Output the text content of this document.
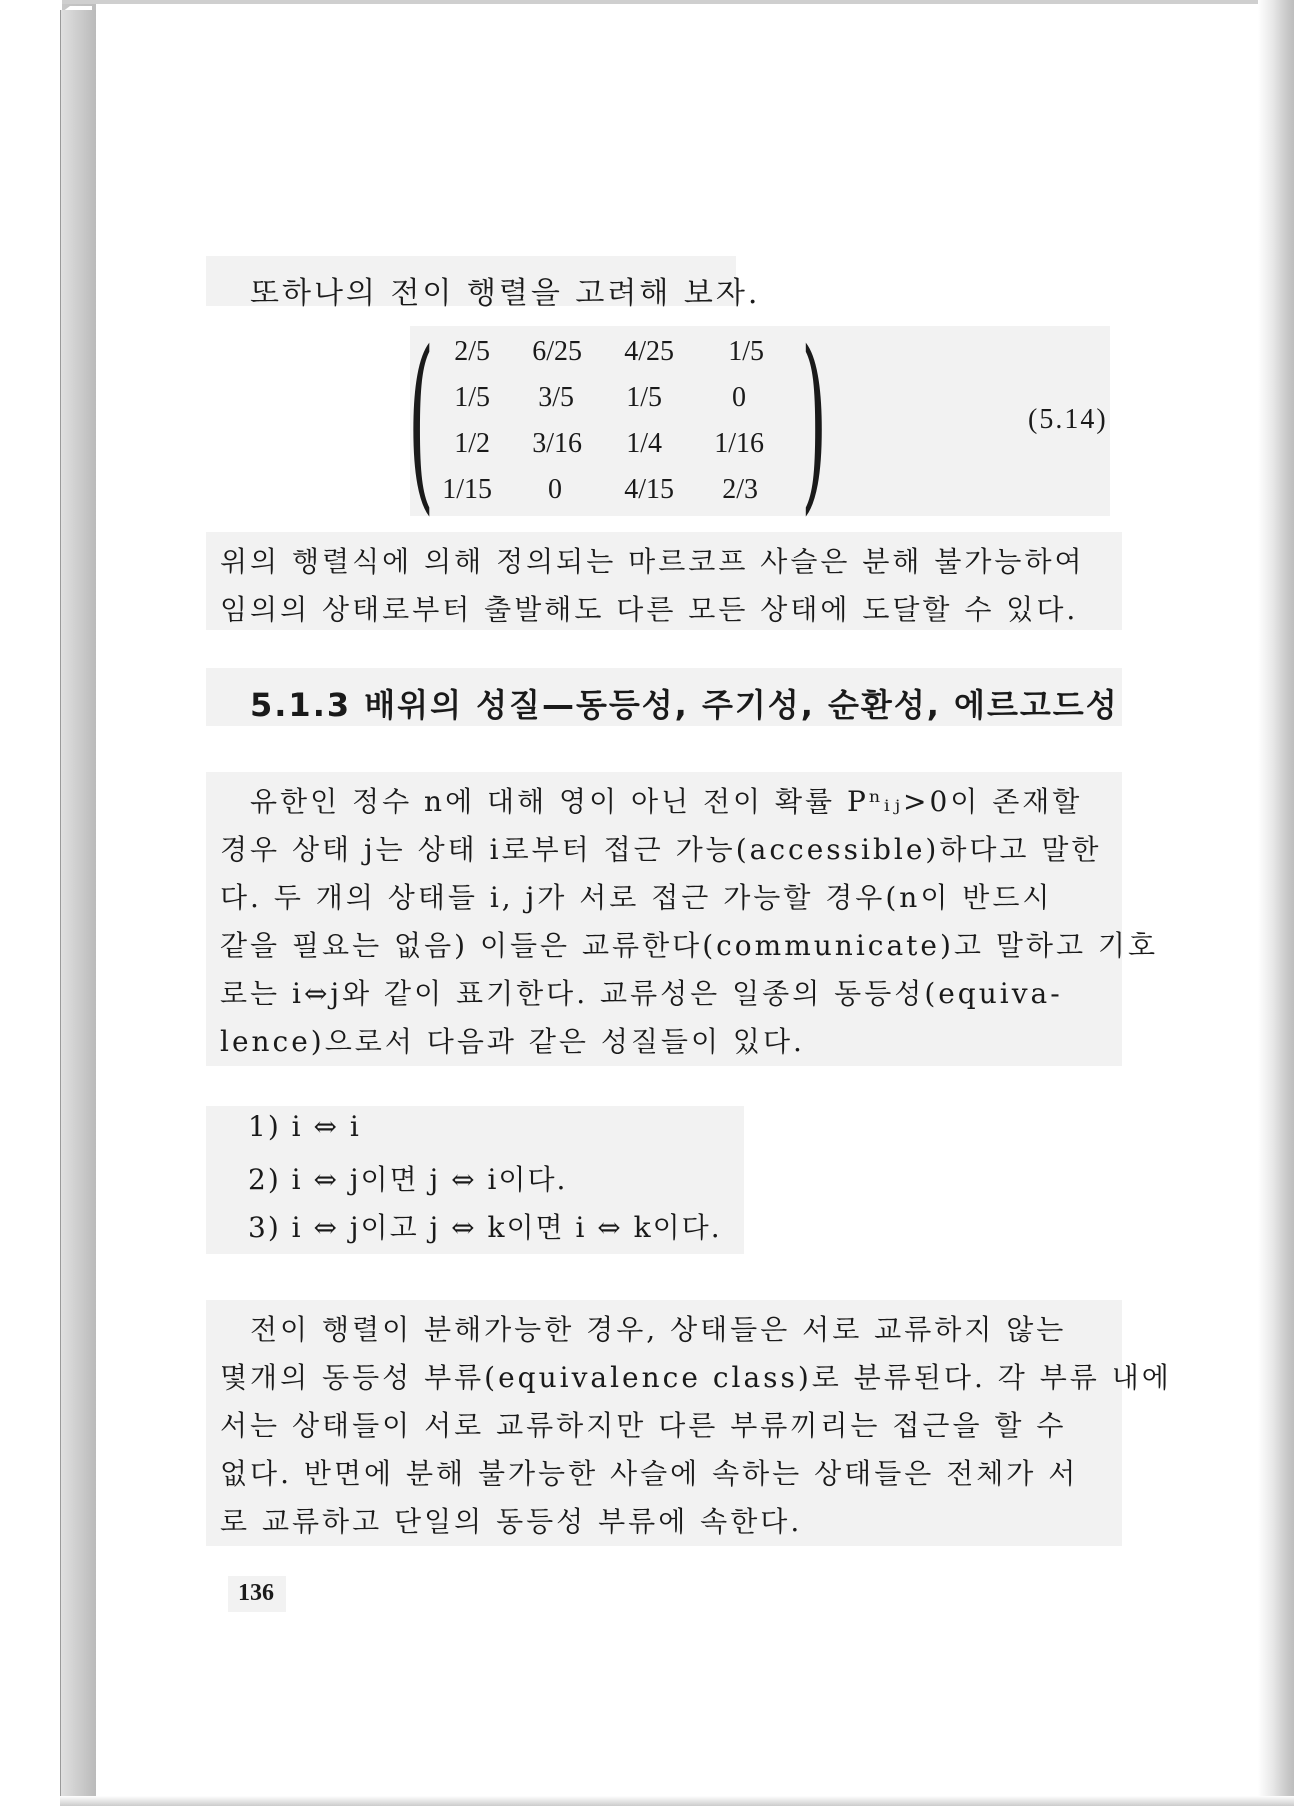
또하나의 전이 행렬을 고려해 보자.
( )
2/5	6/25	4/25	1/5
1/5	3/5	1/5	0
1/2	3/16	1/4	1/16
1/15	0	4/15	2/3
(5.14)
위의 행렬식에 의해 정의되는 마르코프 사슬은 분해 불가능하여
임의의 상태로부터 출발해도 다른 모든 상태에 도달할 수 있다.
5.1.3 배위의 성질—동등성, 주기성, 순환성, 에르고드성
유한인 정수 n에 대해 영이 아닌 전이 확률 Pⁿᵢⱼ>0이 존재할
경우 상태 j는 상태 i로부터 접근 가능(accessible)하다고 말한
다. 두 개의 상태들 i, j가 서로 접근 가능할 경우(n이 반드시
같을 필요는 없음) 이들은 교류한다(communicate)고 말하고 기호
로는 i⇔j와 같이 표기한다. 교류성은 일종의 동등성(equiva-
lence)으로서 다음과 같은 성질들이 있다.
1) i ⇔ i
2) i ⇔ j이면 j ⇔ i이다.
3) i ⇔ j이고 j ⇔ k이면 i ⇔ k이다.
전이 행렬이 분해가능한 경우, 상태들은 서로 교류하지 않는
몇개의 동등성 부류(equivalence class)로 분류된다. 각 부류 내에
서는 상태들이 서로 교류하지만 다른 부류끼리는 접근을 할 수
없다. 반면에 분해 불가능한 사슬에 속하는 상태들은 전체가 서
로 교류하고 단일의 동등성 부류에 속한다.
136
